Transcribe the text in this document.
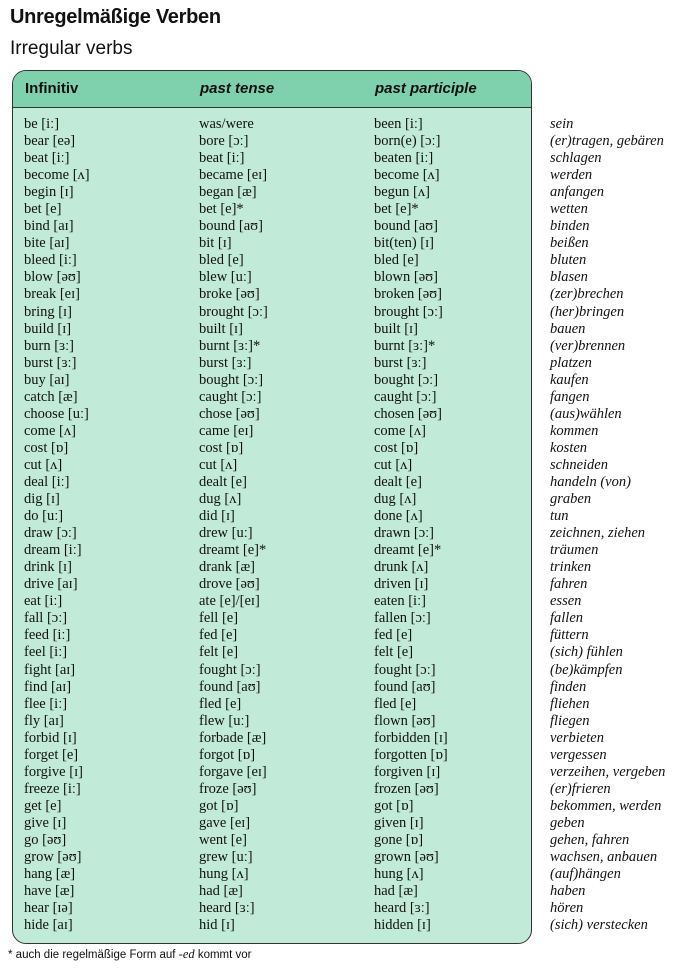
Unregelmäßige Verben
Irregular verbs
Infinitiv	past tense	past participle
be [iː]	was/were	been [iː]	sein
bear [eə]	bore [ɔː]	born(e) [ɔː]	(er)tragen, gebären
beat [iː]	beat [iː]	beaten [iː]	schlagen
become [ʌ]	became [eɪ]	become [ʌ]	werden
begin [ɪ]	began [æ]	begun [ʌ]	anfangen
bet [e]	bet [e]*	bet [e]*	wetten
bind [aɪ]	bound [aʊ]	bound [aʊ]	binden
bite [aɪ]	bit [ɪ]	bit(ten) [ɪ]	beißen
bleed [iː]	bled [e]	bled [e]	bluten
blow [əʊ]	blew [uː]	blown [əʊ]	blasen
break [eɪ]	broke [əʊ]	broken [əʊ]	(zer)brechen
bring [ɪ]	brought [ɔː]	brought [ɔː]	(her)bringen
build [ɪ]	built [ɪ]	built [ɪ]	bauen
burn [ɜː]	burnt [ɜː]*	burnt [ɜː]*	(ver)brennen
burst [ɜː]	burst [ɜː]	burst [ɜː]	platzen
buy [aɪ]	bought [ɔː]	bought [ɔː]	kaufen
catch [æ]	caught [ɔː]	caught [ɔː]	fangen
choose [uː]	chose [əʊ]	chosen [əʊ]	(aus)wählen
come [ʌ]	came [eɪ]	come [ʌ]	kommen
cost [ɒ]	cost [ɒ]	cost [ɒ]	kosten
cut [ʌ]	cut [ʌ]	cut [ʌ]	schneiden
deal [iː]	dealt [e]	dealt [e]	handeln (von)
dig [ɪ]	dug [ʌ]	dug [ʌ]	graben
do [uː]	did [ɪ]	done [ʌ]	tun
draw [ɔː]	drew [uː]	drawn [ɔː]	zeichnen, ziehen
dream [iː]	dreamt [e]*	dreamt [e]*	träumen
drink [ɪ]	drank [æ]	drunk [ʌ]	trinken
drive [aɪ]	drove [əʊ]	driven [ɪ]	fahren
eat [iː]	ate [e]/[eɪ]	eaten [iː]	essen
fall [ɔː]	fell [e]	fallen [ɔː]	fallen
feed [iː]	fed [e]	fed [e]	füttern
feel [iː]	felt [e]	felt [e]	(sich) fühlen
fight [aɪ]	fought [ɔː]	fought [ɔː]	(be)kämpfen
find [aɪ]	found [aʊ]	found [aʊ]	finden
flee [iː]	fled [e]	fled [e]	fliehen
fly [aɪ]	flew [uː]	flown [əʊ]	fliegen
forbid [ɪ]	forbade [æ]	forbidden [ɪ]	verbieten
forget [e]	forgot [ɒ]	forgotten [ɒ]	vergessen
forgive [ɪ]	forgave [eɪ]	forgiven [ɪ]	verzeihen, vergeben
freeze [iː]	froze [əʊ]	frozen [əʊ]	(er)frieren
get [e]	got [ɒ]	got [ɒ]	bekommen, werden
give [ɪ]	gave [eɪ]	given [ɪ]	geben
go [əʊ]	went [e]	gone [ɒ]	gehen, fahren
grow [əʊ]	grew [uː]	grown [əʊ]	wachsen, anbauen
hang [æ]	hung [ʌ]	hung [ʌ]	(auf)hängen
have [æ]	had [æ]	had [æ]	haben
hear [ɪə]	heard [ɜː]	heard [ɜː]	hören
hide [aɪ]	hid [ɪ]	hidden [ɪ]	(sich) verstecken
* auch die regelmäßige Form auf -ed kommt vor
